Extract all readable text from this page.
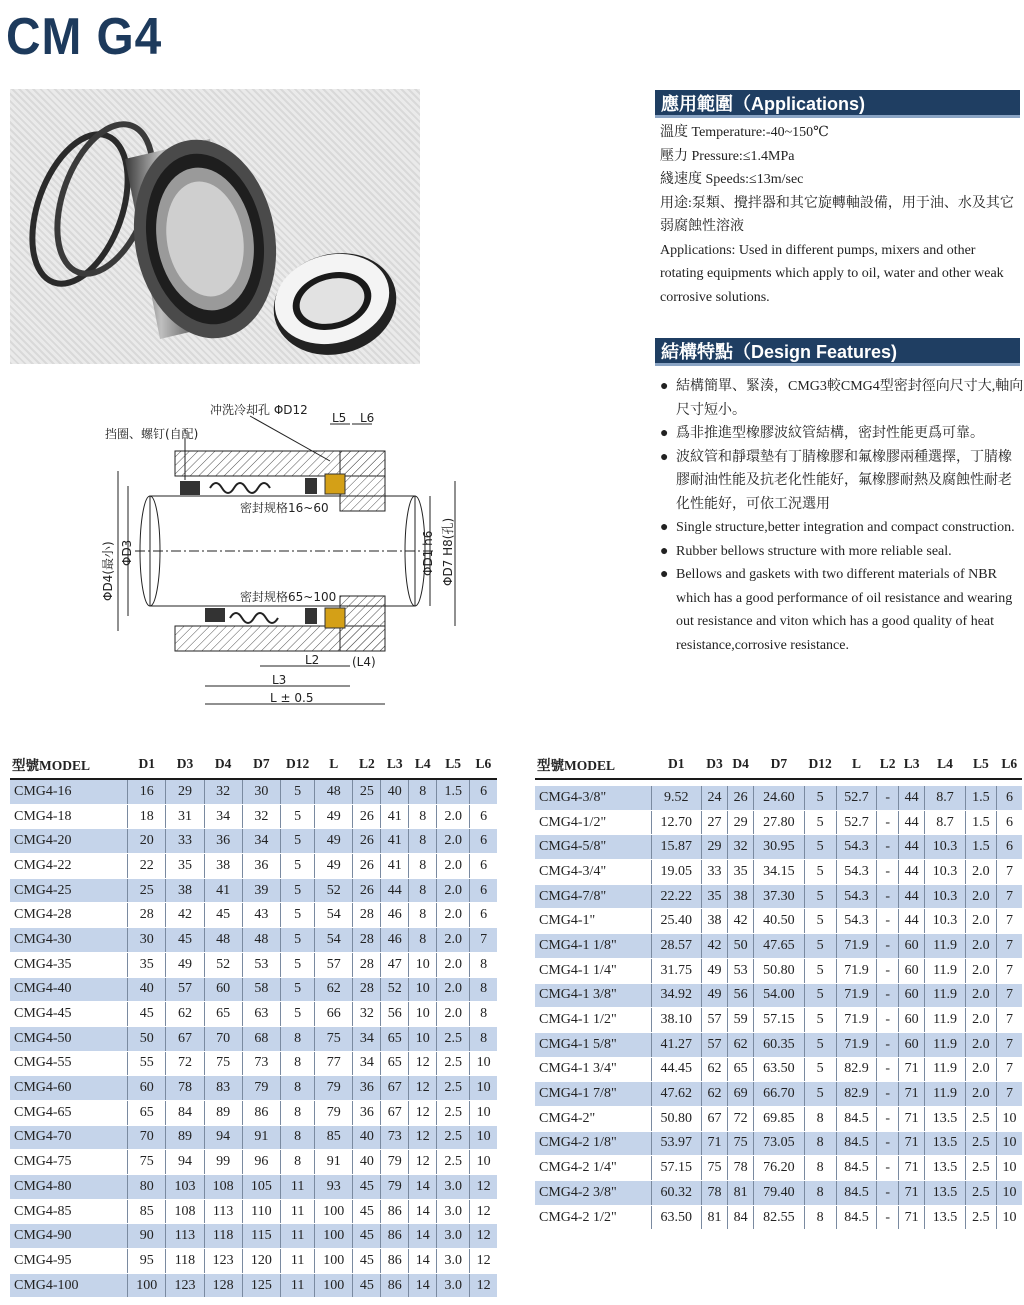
CM G4
應用範圍（Applications)
溫度 Temperature:-40~150℃
壓力 Pressure:≤1.4MPa
綫速度 Speeds:≤13m/sec
用途:泵類、攪拌器和其它旋轉軸設備，用于油、水及其它弱腐蝕性溶液
Applications: Used in different pumps, mixers and other rotating equipments which apply to oil, water and other weak corrosive solutions.
結構特點（Design Features)
● 結構簡單、緊湊，CMG3較CMG4型密封徑向尺寸大,軸向尺寸短小。
● 爲非推進型橡膠波紋管結構，密封性能更爲可靠。
● 波紋管和靜環墊有丁腈橡膠和氟橡膠兩種選擇，丁腈橡膠耐油性能及抗老化性能好，氟橡膠耐熱及腐蝕性耐老化性能好，可依工況選用
● Single structure,better integration and compact construction.
● Rubber bellows structure with more reliable seal.
● Bellows and gaskets with two different materials of NBR which has a good performance of oil resistance and wearing out resistance and viton which has a good quality of heat resistance,corrosive resistance.
冲洗冷却孔 ΦD12
挡圈、螺钉(自配)
L5 L6
密封规格16~60
密封规格65~100
L2	(L4)
L3
L ± 0.5
ΦD4(最小) ΦD3	ΦD1 h6 ΦD7 H8(孔)
型號MODEL	D1	D3	D4	D7	D12	L	L2	L3	L4	L5	L6
CMG4-16	16	29	32	30	5	48	25	40	8	1.5	6
CMG4-18	18	31	34	32	5	49	26	41	8	2.0	6
CMG4-20	20	33	36	34	5	49	26	41	8	2.0	6
CMG4-22	22	35	38	36	5	49	26	41	8	2.0	6
CMG4-25	25	38	41	39	5	52	26	44	8	2.0	6
CMG4-28	28	42	45	43	5	54	28	46	8	2.0	6
CMG4-30	30	45	48	48	5	54	28	46	8	2.0	7
CMG4-35	35	49	52	53	5	57	28	47	10	2.0	8
CMG4-40	40	57	60	58	5	62	28	52	10	2.0	8
CMG4-45	45	62	65	63	5	66	32	56	10	2.0	8
CMG4-50	50	67	70	68	8	75	34	65	10	2.5	8
CMG4-55	55	72	75	73	8	77	34	65	12	2.5	10
CMG4-60	60	78	83	79	8	79	36	67	12	2.5	10
CMG4-65	65	84	89	86	8	79	36	67	12	2.5	10
CMG4-70	70	89	94	91	8	85	40	73	12	2.5	10
CMG4-75	75	94	99	96	8	91	40	79	12	2.5	10
CMG4-80	80	103	108	105	11	93	45	79	14	3.0	12
CMG4-85	85	108	113	110	11	100	45	86	14	3.0	12
CMG4-90	90	113	118	115	11	100	45	86	14	3.0	12
CMG4-95	95	118	123	120	11	100	45	86	14	3.0	12
CMG4-100	100	123	128	125	11	100	45	86	14	3.0	12
型號MODEL	D1	D3	D4	D7	D12	L	L2	L3	L4	L5	L6

CMG4-3/8"	9.52	24	26	24.60	5	52.7	-	44	8.7	1.5	6
CMG4-1/2"	12.70	27	29	27.80	5	52.7	-	44	8.7	1.5	6
CMG4-5/8"	15.87	29	32	30.95	5	54.3	-	44	10.3	1.5	6
CMG4-3/4"	19.05	33	35	34.15	5	54.3	-	44	10.3	2.0	7
CMG4-7/8"	22.22	35	38	37.30	5	54.3	-	44	10.3	2.0	7
CMG4-1"	25.40	38	42	40.50	5	54.3	-	44	10.3	2.0	7
CMG4-1 1/8"	28.57	42	50	47.65	5	71.9	-	60	11.9	2.0	7
CMG4-1 1/4"	31.75	49	53	50.80	5	71.9	-	60	11.9	2.0	7
CMG4-1 3/8"	34.92	49	56	54.00	5	71.9	-	60	11.9	2.0	7
CMG4-1 1/2"	38.10	57	59	57.15	5	71.9	-	60	11.9	2.0	7
CMG4-1 5/8"	41.27	57	62	60.35	5	71.9	-	60	11.9	2.0	7
CMG4-1 3/4"	44.45	62	65	63.50	5	82.9	-	71	11.9	2.0	7
CMG4-1 7/8"	47.62	62	69	66.70	5	82.9	-	71	11.9	2.0	7
CMG4-2"	50.80	67	72	69.85	8	84.5	-	71	13.5	2.5	10
CMG4-2 1/8"	53.97	71	75	73.05	8	84.5	-	71	13.5	2.5	10
CMG4-2 1/4"	57.15	75	78	76.20	8	84.5	-	71	13.5	2.5	10
CMG4-2 3/8"	60.32	78	81	79.40	8	84.5	-	71	13.5	2.5	10
CMG4-2 1/2"	63.50	81	84	82.55	8	84.5	-	71	13.5	2.5	10
